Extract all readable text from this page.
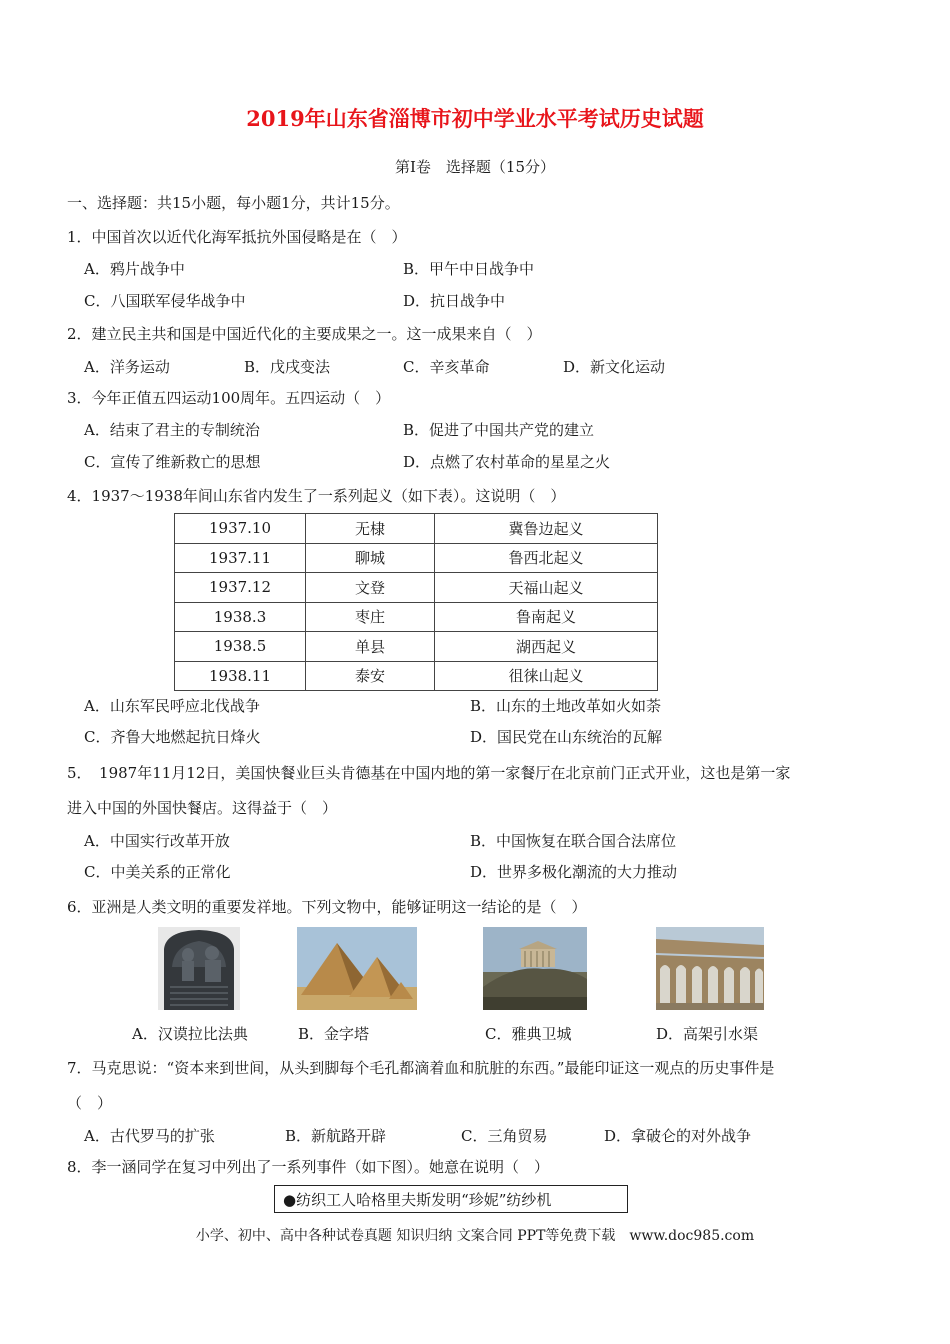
2019年山东省淄博市初中学业水平考试历史试题
第Ⅰ卷　选择题（15分）
一、选择题：共15小题，每小题1分，共计15分。
1．中国首次以近代化海军抵抗外国侵略是在（　）
A．鸦片战争中	B．甲午中日战争中
C．八国联军侵华战争中	D．抗日战争中
2．建立民主共和国是中国近代化的主要成果之一。这一成果来自（　）
A．洋务运动	B．戊戌变法	C．辛亥革命	D．新文化运动
3．今年正值五四运动100周年。五四运动（　）
A．结束了君主的专制统治	B．促进了中国共产党的建立
C．宣传了维新救亡的思想	D．点燃了农村革命的星星之火
4．1937～1938年间山东省内发生了一系列起义（如下表）。这说明（　）
1937.10	无棣	冀鲁边起义
1937.11	聊城	鲁西北起义
1937.12	文登	天福山起义
1938.3	枣庄	鲁南起义
1938.5	单县	湖西起义
1938.11	泰安	徂徕山起义
A．山东军民呼应北伐战争	B．山东的土地改革如火如荼
C．齐鲁大地燃起抗日烽火	D．国民党在山东统治的瓦解
5．　1987年11月12日，美国快餐业巨头肯德基在中国内地的第一家餐厅在北京前门正式开业，这也是第一家
进入中国的外国快餐店。这得益于（　）
A．中国实行改革开放	B．中国恢复在联合国合法席位
C．中美关系的正常化	D．世界多极化潮流的大力推动
6．亚洲是人类文明的重要发祥地。下列文物中，能够证明这一结论的是（　）
A．汉谟拉比法典	B．金字塔	C．雅典卫城	D．高架引水渠
7．马克思说：“资本来到世间，从头到脚每个毛孔都滴着血和肮脏的东西。”最能印证这一观点的历史事件是
（　）
A．古代罗马的扩张	B．新航路开辟	C．三角贸易	D．拿破仑的对外战争
8．李一涵同学在复习中列出了一系列事件（如下图）。她意在说明（　）
●纺织工人哈格里夫斯发明“珍妮”纺纱机
小学、初中、高中各种试卷真题 知识归纳 文案合同 PPT等免费下载　www.doc985.com
